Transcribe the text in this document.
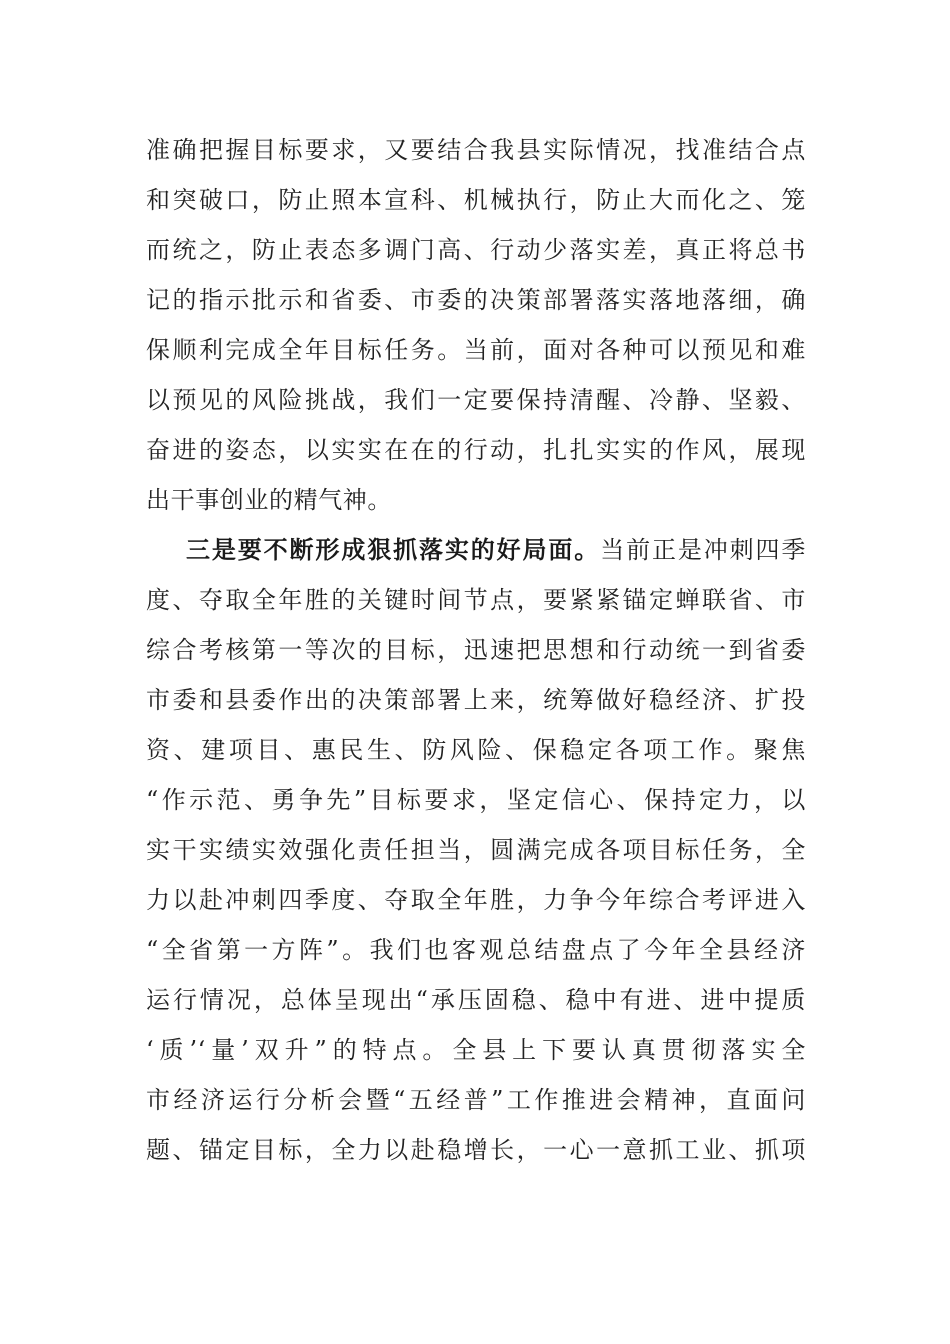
准确把握目标要求，又要结合我县实际情况，找准结合点
和突破口，防止照本宣科、机械执行，防止大而化之、笼
而统之，防止表态多调门高、行动少落实差，真正将总书
记的指示批示和省委、市委的决策部署落实落地落细，确
保顺利完成全年目标任务。当前，面对各种可以预见和难
以预见的风险挑战，我们一定要保持清醒、冷静、坚毅、
奋进的姿态，以实实在在的行动，扎扎实实的作风，展现
出干事创业的精气神。
三是要不断形成狠抓落实的好局面。当前正是冲刺四季
度、夺取全年胜的关键时间节点，要紧紧锚定蝉联省、市
综合考核第一等次的目标，迅速把思想和行动统一到省委
市委和县委作出的决策部署上来，统筹做好稳经济、扩投
资、建项目、惠民生、防风险、保稳定各项工作。聚焦
“作示范、勇争先”目标要求，坚定信心、保持定力，以
实干实绩实效强化责任担当，圆满完成各项目标任务，全
力以赴冲刺四季度、夺取全年胜，力争今年综合考评进入
“全省第一方阵”。我们也客观总结盘点了今年全县经济
运行情况，总体呈现出“承压固稳、稳中有进、进中提质
‘质’‘量’双升”的特点。全县上下要认真贯彻落实全
市经济运行分析会暨“五经普”工作推进会精神，直面问
题、锚定目标，全力以赴稳增长，一心一意抓工业、抓项
